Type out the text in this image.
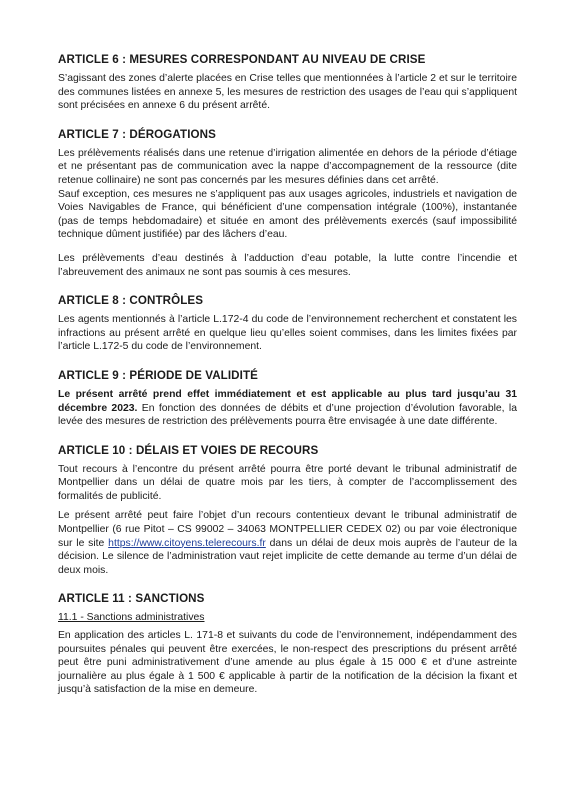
ARTICLE 6 : MESURES CORRESPONDANT AU NIVEAU DE CRISE

S’agissant des zones d’alerte placées en Crise telles que mentionnées à l’article 2 et sur le territoire des communes listées en annexe 5, les mesures de restriction des usages de l’eau qui s’appliquent sont précisées en annexe 6 du présent arrêté.

ARTICLE 7 : DÉROGATIONS

Les prélèvements réalisés dans une retenue d’irrigation alimentée en dehors de la période d’étiage et ne présentant pas de communication avec la nappe d’accompagnement de la ressource (dite retenue collinaire) ne sont pas concernés par les mesures définies dans cet arrêté.

Sauf exception, ces mesures ne s’appliquent pas aux usages agricoles, industriels et navigation de Voies Navigables de France, qui bénéficient d’une compensation intégrale (100%), instantanée (pas de temps hebdomadaire) et située en amont des prélèvements exercés (sauf impossibilité technique dûment justifiée) par des lâchers d’eau.

Les prélèvements d’eau destinés à l’adduction d’eau potable, la lutte contre l’incendie et l’abreuvement des animaux ne sont pas soumis à ces mesures.

ARTICLE 8 : CONTRÔLES

Les agents mentionnés à l’article L.172-4 du code de l’environnement recherchent et constatent les infractions au présent arrêté en quelque lieu qu’elles soient commises, dans les limites fixées par l’article L.172-5 du code de l’environnement.

ARTICLE 9 : PÉRIODE DE VALIDITÉ

Le présent arrêté prend effet immédiatement et est applicable au plus tard jusqu’au 31 décembre 2023. En fonction des données de débits et d’une projection d’évolution favorable, la levée des mesures de restriction des prélèvements pourra être envisagée à une date différente.

ARTICLE 10 : DÉLAIS ET VOIES DE RECOURS

Tout recours à l’encontre du présent arrêté pourra être porté devant le tribunal administratif de Montpellier dans un délai de quatre mois par les tiers, à compter de l’accomplissement des formalités de publicité.

Le présent arrêté peut faire l’objet d’un recours contentieux devant le tribunal administratif de Montpellier (6 rue Pitot – CS 99002 – 34063 MONTPELLIER CEDEX 02) ou par voie électronique sur le site https://www.citoyens.telerecours.fr dans un délai de deux mois auprès de l’auteur de la décision. Le silence de l’administration vaut rejet implicite de cette demande au terme d’un délai de deux mois.

ARTICLE 11 : SANCTIONS
11.1 - Sanctions administratives

En application des articles L. 171-8 et suivants du code de l’environnement, indépendamment des poursuites pénales qui peuvent être exercées, le non-respect des prescriptions du présent arrêté peut être puni administrativement d’une amende au plus égale à 15 000 € et d’une astreinte journalière au plus égale à 1 500 € applicable à partir de la notification de la décision la fixant et jusqu’à satisfaction de la mise en demeure.
